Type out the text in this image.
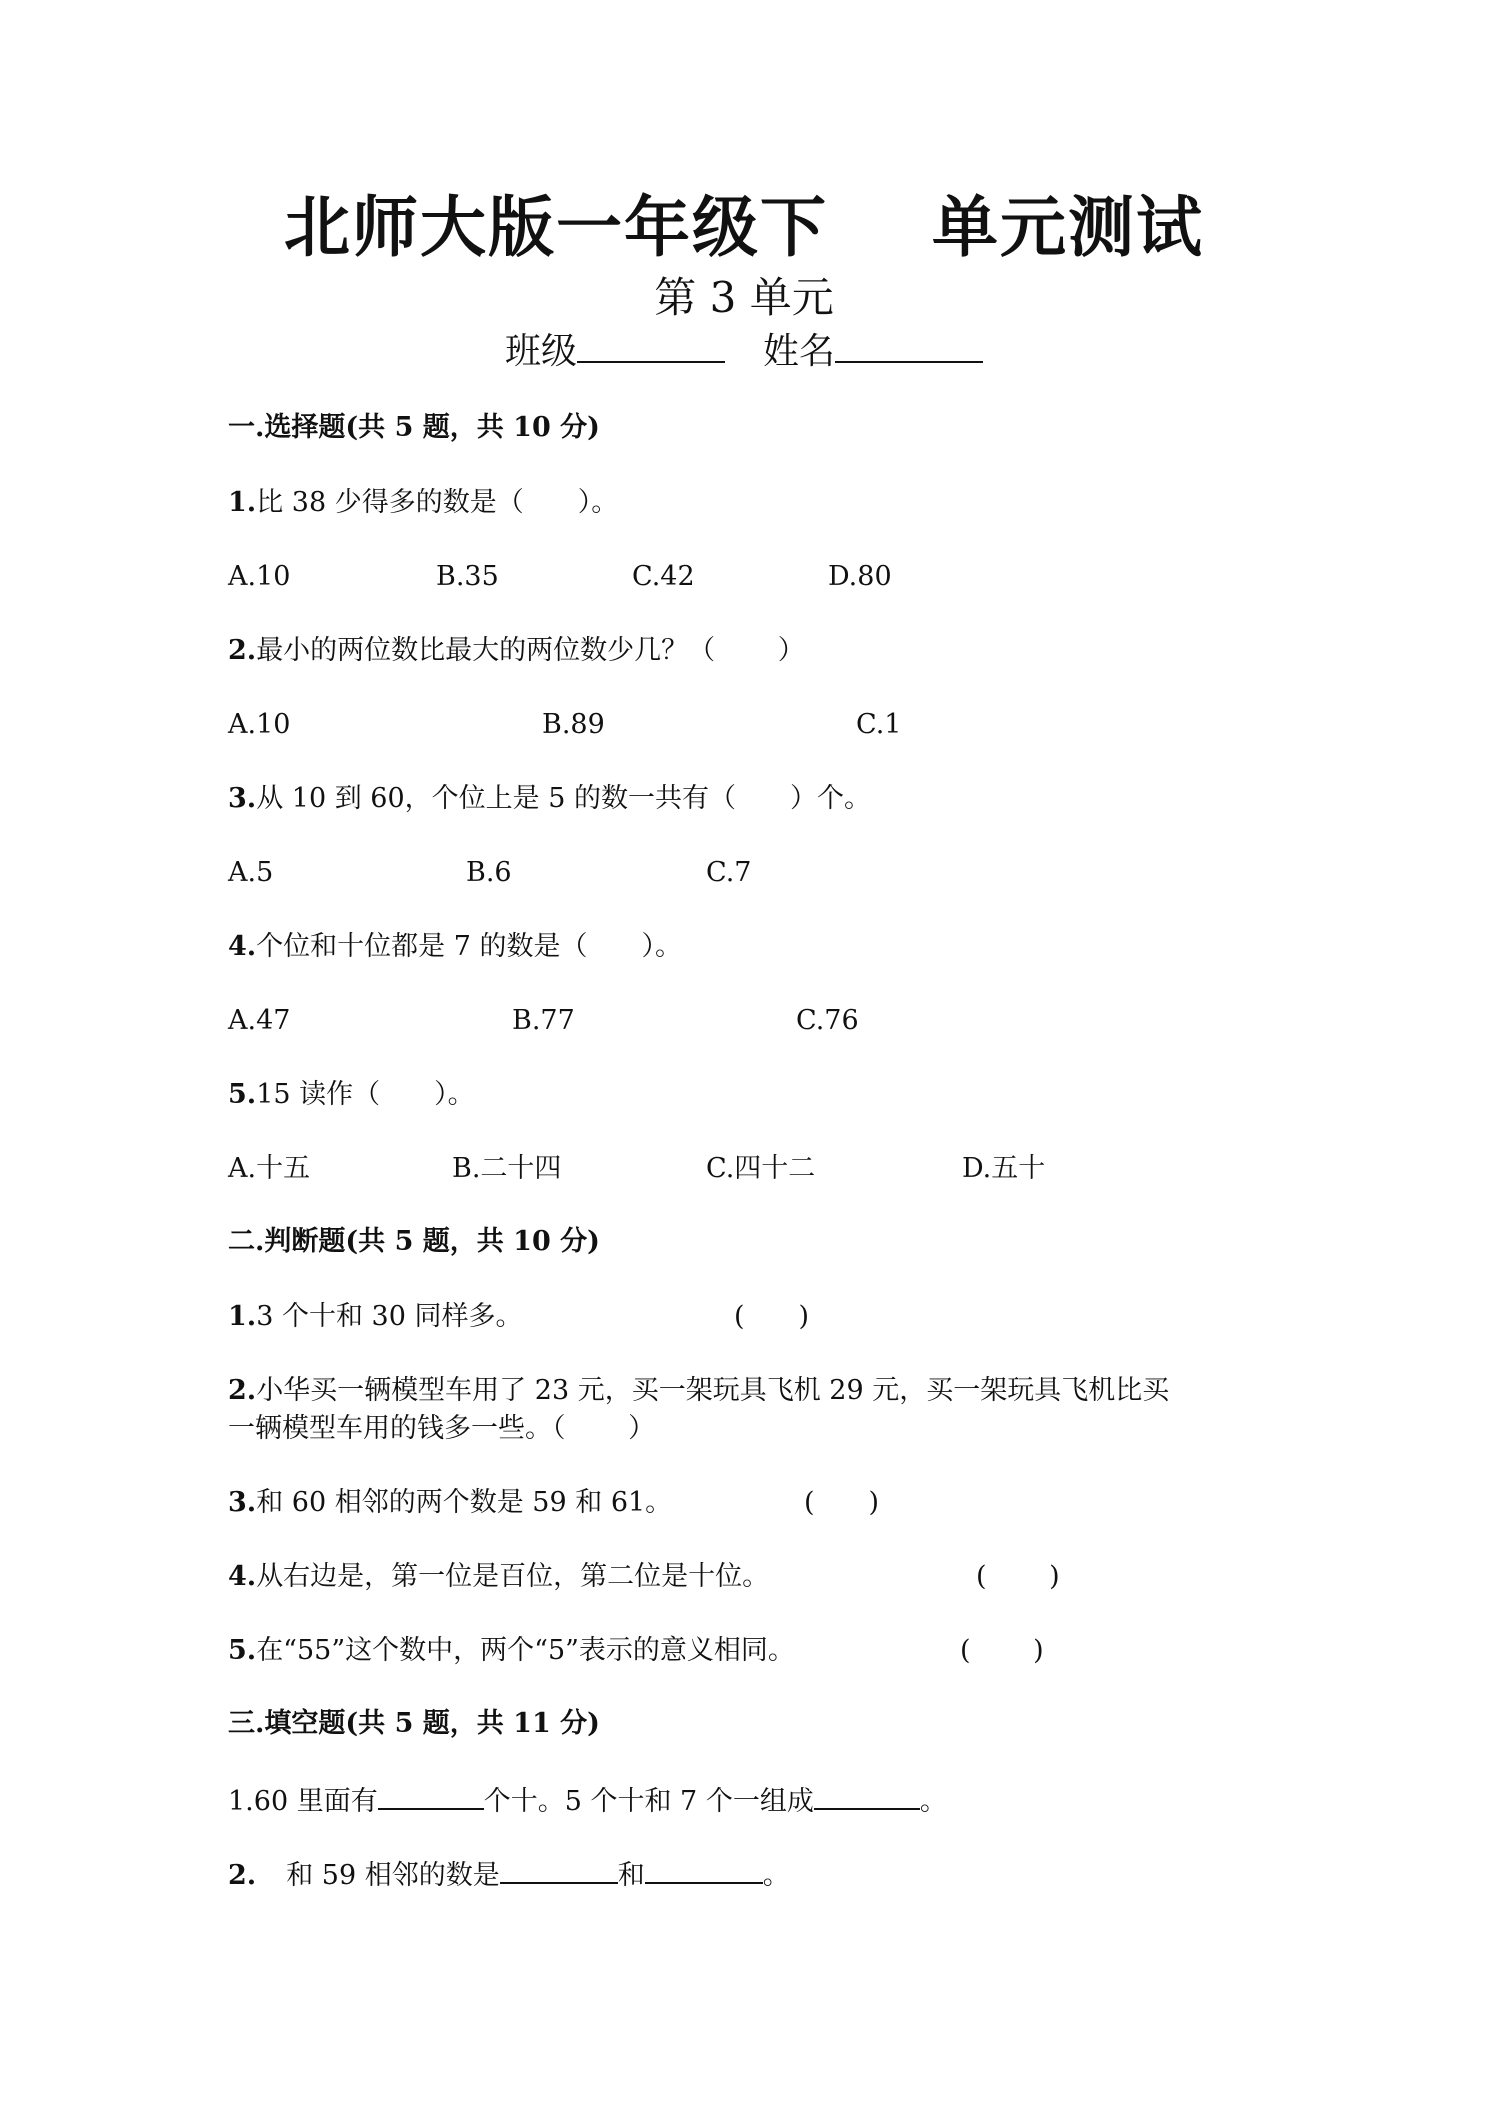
北师大版一年级下 单元测试
第 3 单元
班级	姓名
一.选择题(共 5 题，共 10 分)
1.比 38 少得多的数是（　　）。
A.10	B.35	C.42	D.80
2.最小的两位数比最大的两位数少几？（　　 ）
A.10	B.89	C.1
3.从 10 到 60，个位上是 5 的数一共有（　　）个。
A.5	B.6	C.7
4.个位和十位都是 7 的数是（　　）。
A.47	B.77	C.76
5.15 读作（　　）。
A.十五	B.二十四	C.四十二	D.五十
二.判断题(共 5 题，共 10 分)
1.3 个十和 30 同样多。	(　　)
2.小华买一辆模型车用了 23 元，买一架玩具飞机 29 元，买一架玩具飞机比买
一辆模型车用的钱多一些。（　　 ）
3.和 60 相邻的两个数是 59 和 61。	(　　)
4.从右边是，第一位是百位，第二位是十位。	(　　 )
5.在“55”这个数中，两个“5”表示的意义相同。	(　　 )
三.填空题(共 5 题，共 11 分)
1.60 里面有	个十。5 个十和 7 个一组成	。
2. 和 59 相邻的数是	和	。
